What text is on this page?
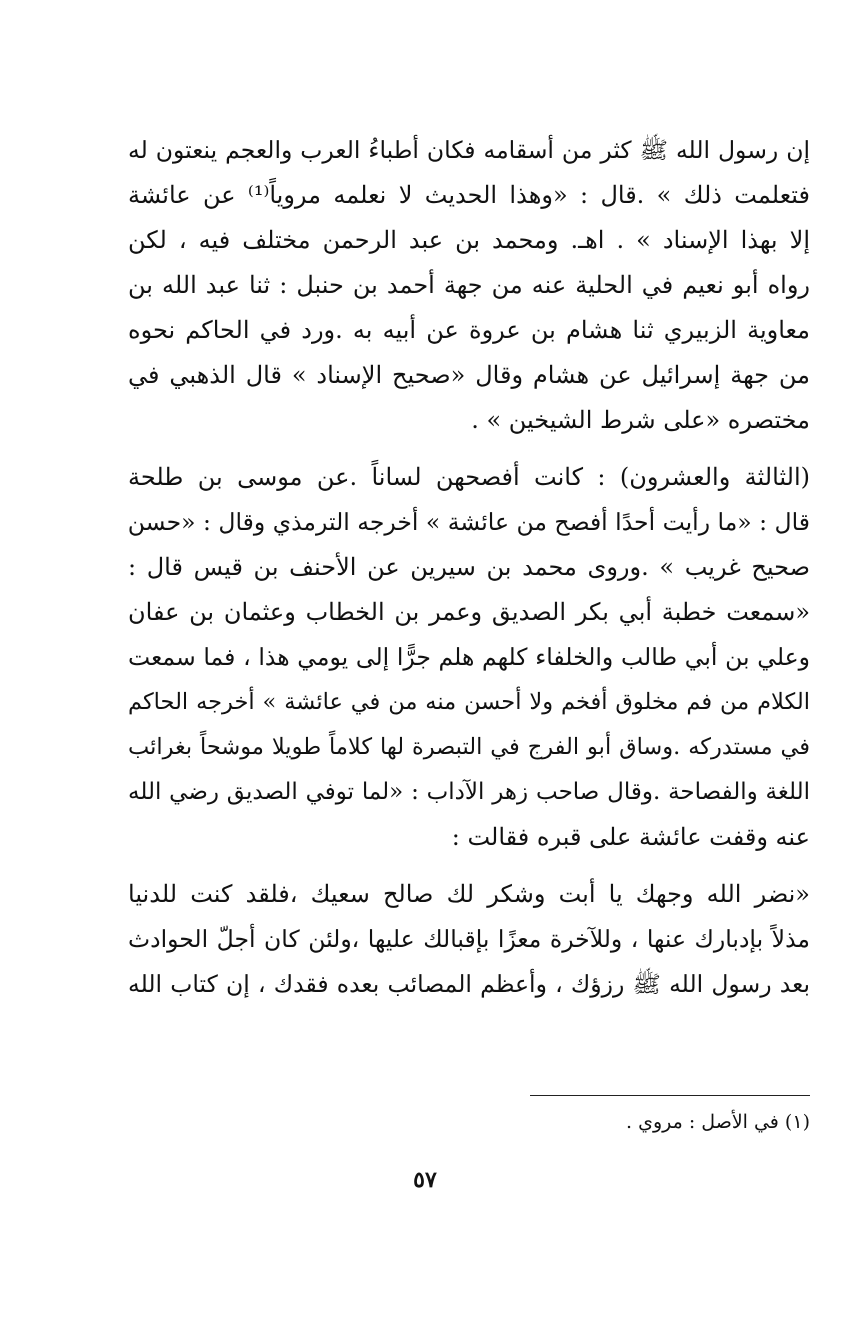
إن رسول الله ﷺ كثر من أسقامه فكان أطباءُ العرب والعجم ينعتون له
فتعلمت ذلك » .قال : «وهذا الحديث لا نعلمه مروياً⁽¹⁾ عن عائشة
إلا بهذا الإسناد » . اهـ. ومحمد بن عبد الرحمن مختلف فيه ، لكن
رواه أبو نعيم في الحلية عنه من جهة أحمد بن حنبل : ثنا عبد الله بن
معاوية الزبيري ثنا هشام بن عروة عن أبيه به .ورد في الحاكم نحوه
من جهة إسرائيل عن هشام وقال «صحيح الإسناد » قال الذهبي في
مختصره «على شرط الشيخين » .
(الثالثة والعشرون) : كانت أفصحهن لساناً .عن موسى بن طلحة
قال : «ما رأيت أحدًا أفصح من عائشة » أخرجه الترمذي وقال : «حسن
صحيح غريب » .وروى محمد بن سيرين عن الأحنف بن قيس قال :
«سمعت خطبة أبي بكر الصديق وعمر بن الخطاب وعثمان بن عفان
وعلي بن أبي طالب والخلفاء كلهم هلم جرًّا إلى يومي هذا ، فما سمعت
الكلام من فم مخلوق أفخم ولا أحسن منه من في عائشة » أخرجه الحاكم
في مستدركه .وساق أبو الفرج في التبصرة لها كلاماً طويلا موشحاً بغرائب
اللغة والفصاحة .وقال صاحب زهر الآداب : «لما توفي الصديق رضي الله
عنه وقفت عائشة على قبره فقالت :
«نضر الله وجهك يا أبت وشكر لك صالح سعيك ،فلقد كنت للدنيا
مذلاً بإدبارك عنها ، وللآخرة معزًا بإقبالك عليها ،ولئن كان أجلّ الحوادث
بعد رسول الله ﷺ رزؤك ، وأعظم المصائب بعده فقدك ، إن كتاب الله
(١) في الأصل : مروي .
٥٧
